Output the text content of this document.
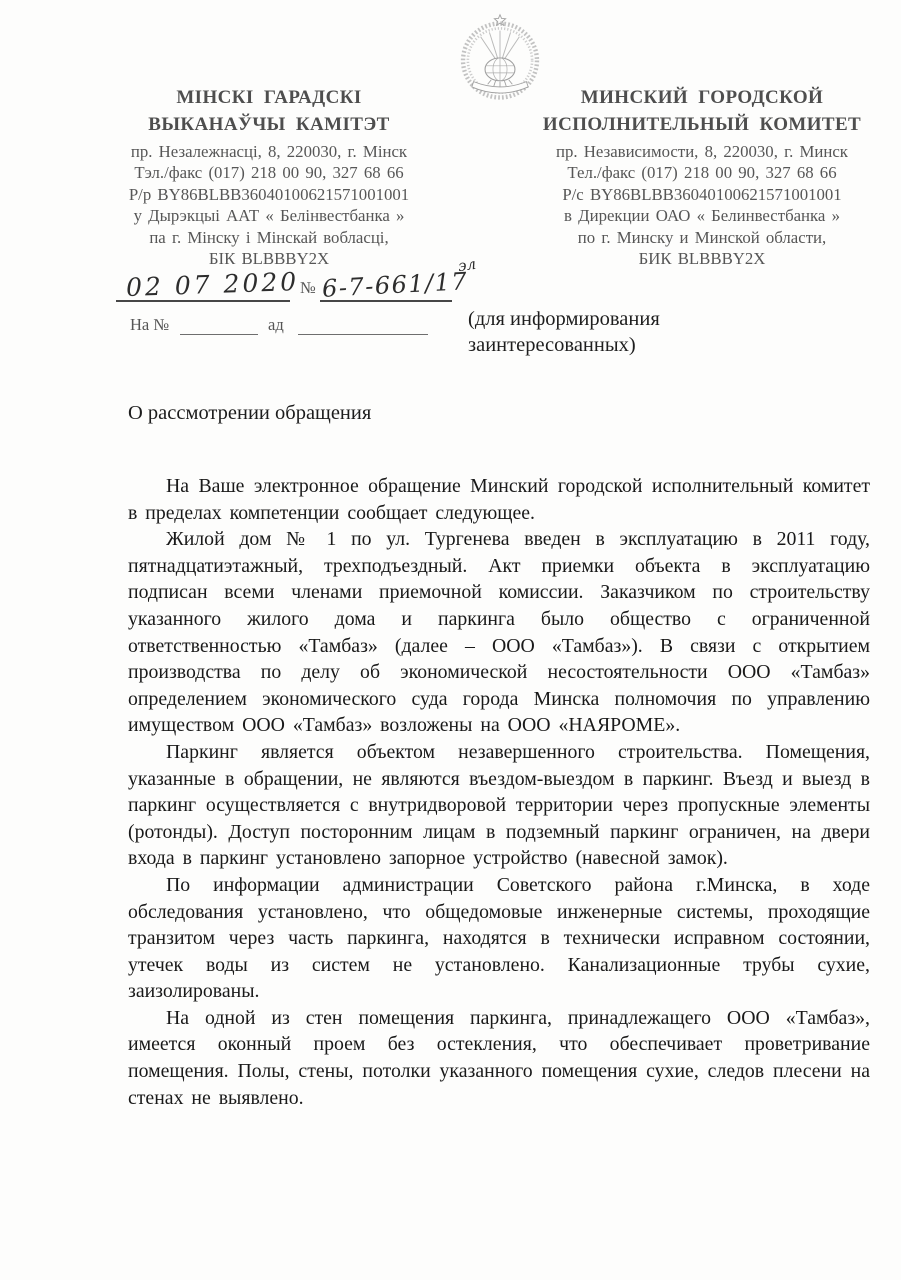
МІНСКІ ГАРАДСКІ
ВЫКАНАЎЧЫ КАМІТЭТ
пр. Незалежнасці, 8, 220030, г. Мінск
Тэл./факс (017) 218 00 90, 327 68 66
Р/р BY86BLBB36040100621571001001
у Дырэкцыі ААТ « Белінвестбанка »
па г. Мінску і Мінскай вобласці,
БІК BLBBBY2X
МИНСКИЙ ГОРОДСКОЙ
ИСПОЛНИТЕЛЬНЫЙ КОМИТЕТ
пр. Независимости, 8, 220030, г. Минск
Тел./факс (017) 218 00 90, 327 68 66
Р/с BY86BLBB36040100621571001001
в Дирекции ОАО « Белинвестбанка »
по г. Минску и Минской области,
БИК BLBBBY2X
02 07 2020 № 6-7-661/17
эл
На №	ад	(для информирования
заинтересованных)
О рассмотрении обращения

На Ваше электронное обращение Минский городской исполнительный комитет в пределах компетенции сообщает следующее.

Жилой дом № 1 по ул. Тургенева введен в эксплуатацию в 2011 году, пятнадцатиэтажный, трехподъездный. Акт приемки объекта в эксплуатацию подписан всеми членами приемочной комиссии. Заказчиком по строительству указанного жилого дома и паркинга было общество с ограниченной ответственностью «Тамбаз» (далее – ООО «Тамбаз»). В связи с открытием производства по делу об экономической несостоятельности ООО «Тамбаз» определением экономического суда города Минска полномочия по управлению имуществом ООО «Тамбаз» возложены на ООО «НАЯРОМЕ».

Паркинг является объектом незавершенного строительства. Помещения, указанные в обращении, не являются въездом-выездом в паркинг. Въезд и выезд в паркинг осуществляется с внутридворовой территории через пропускные элементы (ротонды). Доступ посторонним лицам в подземный паркинг ограничен, на двери входа в паркинг установлено запорное устройство (навесной замок).

По информации администрации Советского района г.Минска, в ходе обследования установлено, что общедомовые инженерные системы, проходящие транзитом через часть паркинга, находятся в технически исправном состоянии, утечек воды из систем не установлено. Канализационные трубы сухие, заизолированы.

На одной из стен помещения паркинга, принадлежащего ООО «Тамбаз», имеется оконный проем без остекления, что обеспечивает проветривание помещения. Полы, стены, потолки указанного помещения сухие, следов плесени на стенах не выявлено.
